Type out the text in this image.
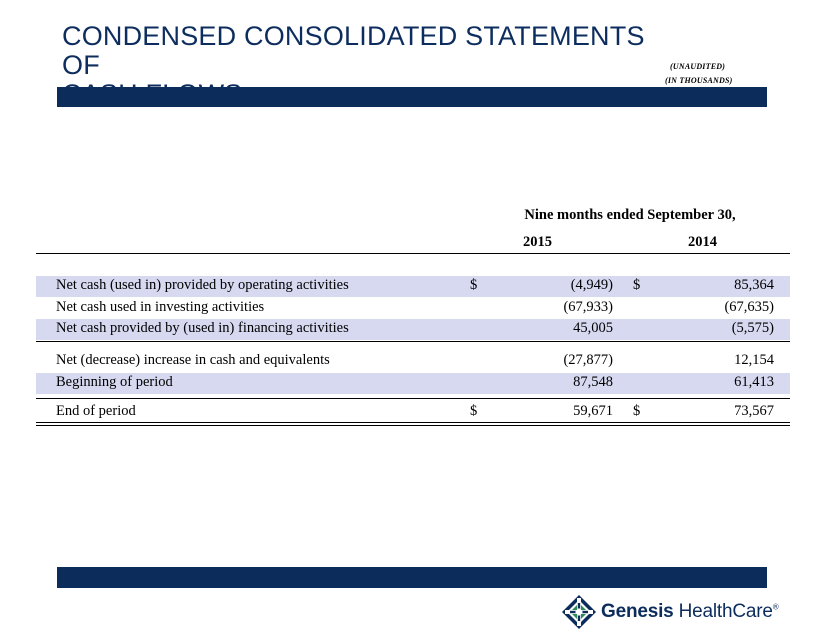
CONDENSED CONSOLIDATED STATEMENTS OF	(UNAUDITED)
(IN THOUSANDS)
Nine months ended September 30,
2015	2014
Net cash (used in) provided by operating activities	$	(4,949) $	85,364
Net cash used in investing activities	(67,933)	(67,635)
Net cash provided by (used in) financing activities	45,005	(5,575)
Net (decrease) increase in cash and equivalents	(27,877)	12,154
Beginning of period	87,548	61,413
End of period	$	59,671 $	73,567
Genesis HealthCare®
